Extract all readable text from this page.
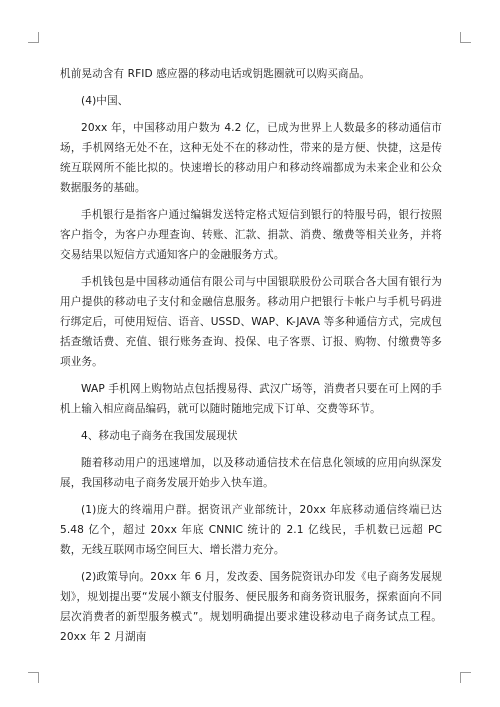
机前晃动含有 RFID 感应器的移动电话或钥匙圈就可以购买商品。

(4)中国、

20xx 年，中国移动用户数为 4.2 亿，已成为世界上人数最多的移动通信市场，手机网络无处不在，这种无处不在的移动性，带来的是方便、快捷，这是传统互联网所不能比拟的。快速增长的移动用户和移动终端都成为未来企业和公众数据服务的基础。

手机银行是指客户通过编辑发送特定格式短信到银行的特服号码，银行按照客户指令，为客户办理查询、转账、汇款、捐款、消费、缴费等相关业务，并将交易结果以短信方式通知客户的金融服务方式。

手机钱包是中国移动通信有限公司与中国银联股份公司联合各大国有银行为用户提供的移动电子支付和金融信息服务。移动用户把银行卡帐户与手机号码进行绑定后，可使用短信、语音、USSD、WAP、K-JAVA 等多种通信方式，完成包括查缴话费、充值、银行账务查询、投保、电子客票、订报、购物、付缴费等多项业务。

WAP 手机网上购物站点包括搜易得、武汉广场等，消费者只要在可上网的手机上输入相应商品编码，就可以随时随地完成下订单、交费等环节。

4、移动电子商务在我国发展现状

随着移动用户的迅速增加，以及移动通信技术在信息化领域的应用向纵深发展，我国移动电子商务发展开始步入快车道。

(1)庞大的终端用户群。据资讯产业部统计，20xx 年底移动通信终端已达 5.48 亿个，超过 20xx 年底 CNNIC 统计的 2.1 亿线民，手机数已远超 PC 数，无线互联网市场空间巨大、增长潜力充分。

(2)政策导向。20xx 年 6 月，发改委、国务院资讯办印发《电子商务发展规划》，规划提出要“发展小额支付服务、便民服务和商务资讯服务，探索面向不同层次消费者的新型服务模式”。规划明确提出要求建设移动电子商务试点工程。20xx 年 2 月湖南
